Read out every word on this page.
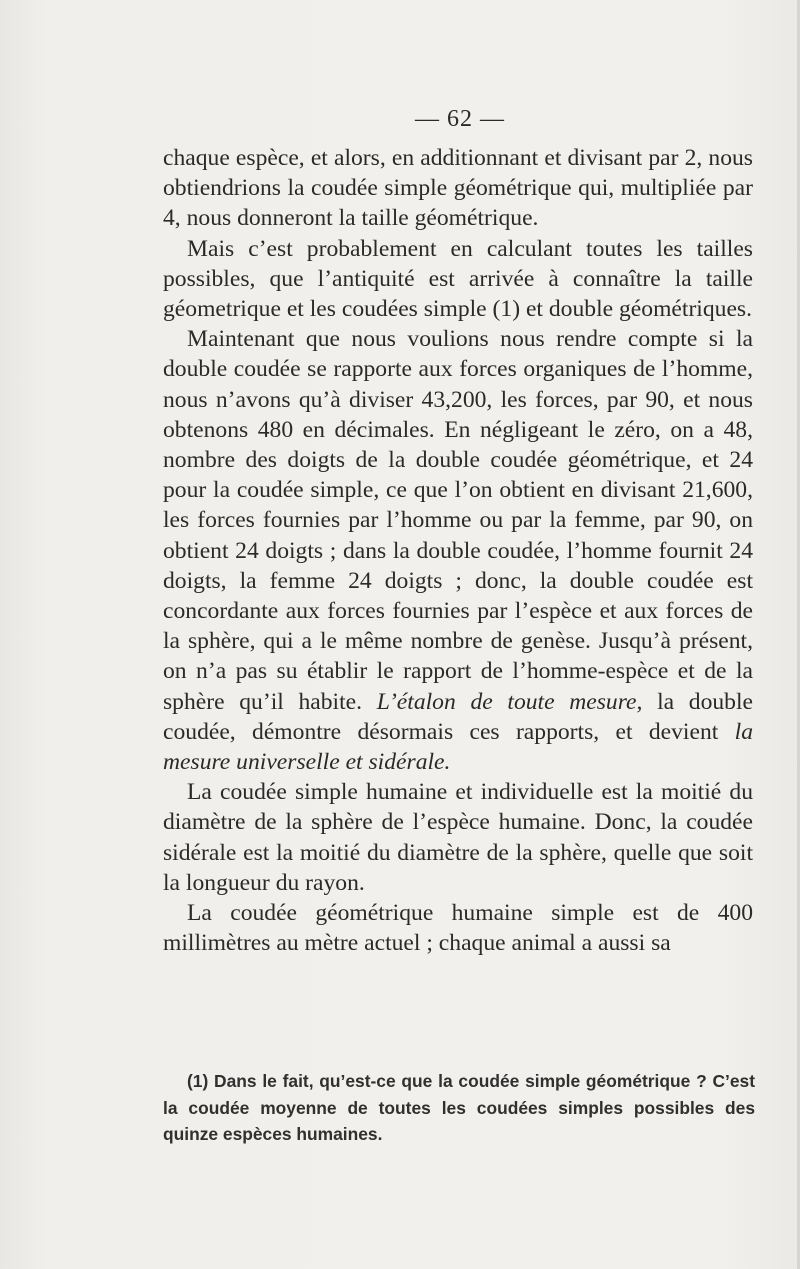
— 62 —

chaque espèce, et alors, en additionnant et divisant par 2, nous obtiendrions la coudée simple géométrique qui, multipliée par 4, nous donneront la taille géométrique.

Mais c’est probablement en calculant toutes les tailles possibles, que l’antiquité est arrivée à connaître la taille géometrique et les coudées simple (1) et double géométriques.

Maintenant que nous voulions nous rendre compte si la double coudée se rapporte aux forces organiques de l’homme, nous n’avons qu’à diviser 43,200, les forces, par 90, et nous obtenons 480 en décimales. En négligeant le zéro, on a 48, nombre des doigts de la double coudée géométrique, et 24 pour la coudée simple, ce que l’on obtient en divisant 21,600, les forces fournies par l’homme ou par la femme, par 90, on obtient 24 doigts ; dans la double coudée, l’homme fournit 24 doigts, la femme 24 doigts ; donc, la double coudée est concordante aux forces fournies par l’espèce et aux forces de la sphère, qui a le même nombre de genèse. Jusqu’à présent, on n’a pas su établir le rapport de l’homme-espèce et de la sphère qu’il habite. L’étalon de toute mesure, la double coudée, démontre désormais ces rapports, et devient la mesure universelle et sidérale.

La coudée simple humaine et individuelle est la moitié du diamètre de la sphère de l’espèce humaine. Donc, la coudée sidérale est la moitié du diamètre de la sphère, quelle que soit la longueur du rayon.

La coudée géométrique humaine simple est de 400 millimètres au mètre actuel ; chaque animal a aussi sa

(1) Dans le fait, qu’est-ce que la coudée simple géométrique ? C’est la coudée moyenne de toutes les coudées simples possibles des quinze espèces humaines.
